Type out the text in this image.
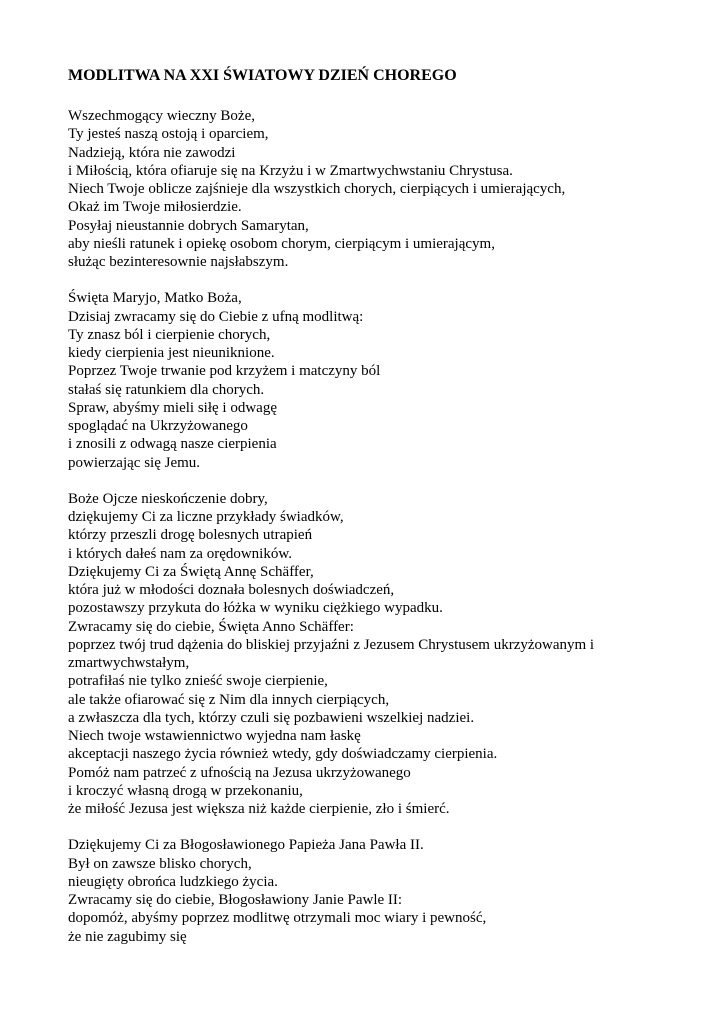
MODLITWA NA XXI ŚWIATOWY DZIEŃ CHOREGO
Wszechmogący wieczny Boże,
Ty jesteś naszą ostoją i oparciem,
Nadzieją, która nie zawodzi
i Miłością, która ofiaruje się na Krzyżu i w Zmartwychwstaniu Chrystusa.
Niech Twoje oblicze zajśnieje dla wszystkich chorych, cierpiących i umierających,
Okaż im Twoje miłosierdzie.
Posyłaj nieustannie dobrych Samarytan,
aby nieśli ratunek i opiekę osobom chorym, cierpiącym i umierającym,
służąc bezinteresownie najsłabszym.
Święta Maryjo, Matko Boża,
Dzisiaj zwracamy się do Ciebie z ufną modlitwą:
Ty znasz ból i cierpienie chorych,
kiedy cierpienia jest nieuniknione.
Poprzez Twoje trwanie pod krzyżem i matczyny ból
stałaś się ratunkiem dla chorych.
Spraw, abyśmy mieli siłę i odwagę
spoglądać na Ukrzyżowanego
i znosili z odwagą nasze cierpienia
powierzając się Jemu.
Boże Ojcze nieskończenie dobry,
dziękujemy Ci za liczne przykłady świadków,
którzy przeszli drogę bolesnych utrapień
i których dałeś nam za orędowników.
Dziękujemy Ci za Świętą Annę Schäffer,
która już w młodości doznała bolesnych doświadczeń,
pozostawszy przykuta do łóżka w wyniku ciężkiego wypadku.
Zwracamy się do ciebie, Święta Anno Schäffer:
poprzez twój trud dążenia do bliskiej przyjaźni z Jezusem Chrystusem ukrzyżowanym i
zmartwychwstałym,
potrafiłaś nie tylko znieść swoje cierpienie,
ale także ofiarować się z Nim dla innych cierpiących,
a zwłaszcza dla tych, którzy czuli się pozbawieni wszelkiej nadziei.
Niech twoje wstawiennictwo wyjedna nam łaskę
akceptacji naszego życia również wtedy, gdy doświadczamy cierpienia.
Pomóż nam patrzeć z ufnością na Jezusa ukrzyżowanego
i kroczyć własną drogą w przekonaniu,
że miłość Jezusa jest większa niż każde cierpienie, zło i śmierć.
Dziękujemy Ci za Błogosławionego Papieża Jana Pawła II.
Był on zawsze blisko chorych,
nieugięty obrońca ludzkiego życia.
Zwracamy się do ciebie, Błogosławiony Janie Pawle II:
dopomóż, abyśmy poprzez modlitwę otrzymali moc wiary i pewność,
że nie zagubimy się
